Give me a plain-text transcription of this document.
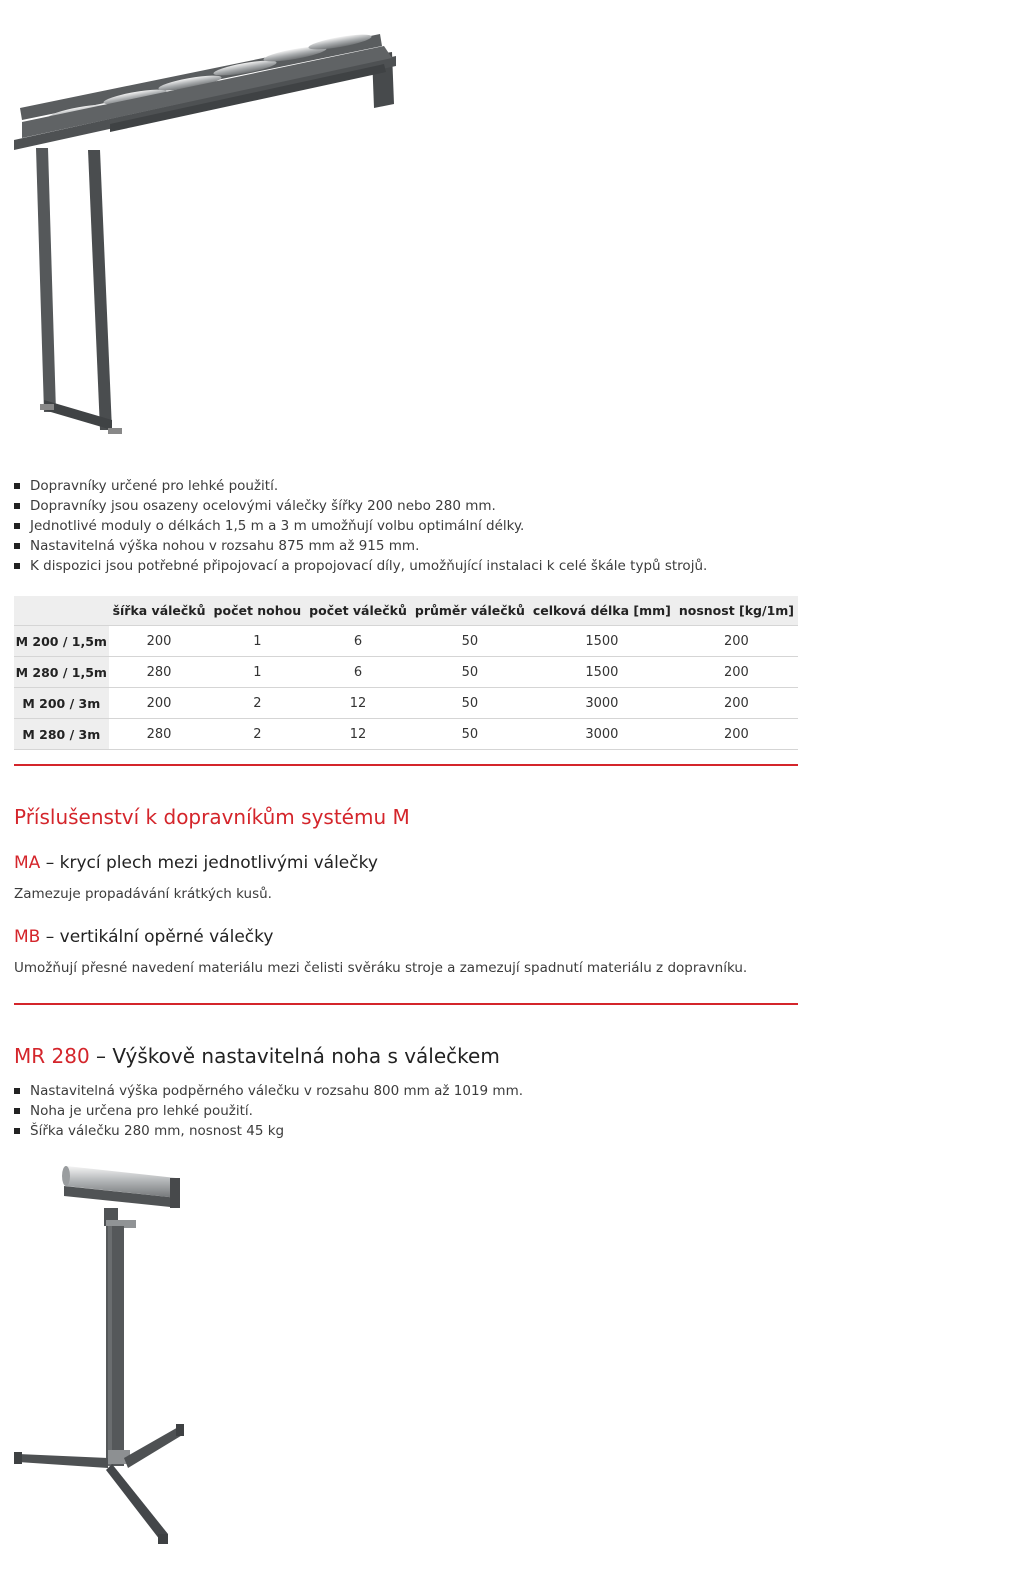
Dopravníky určené pro lehké použití.
Dopravníky jsou osazeny ocelovými válečky šířky 200 nebo 280 mm.
Jednotlivé moduly o délkách 1,5 m a 3 m umožňují volbu optimální délky.
Nastavitelná výška nohou v rozsahu 875 mm až 915 mm.
K dispozici jsou potřebné připojovací a propojovací díly, umožňující instalaci k celé škále typů strojů.
	šířka válečků	počet nohou	počet válečků	průměr válečků	celková délka [mm]	nosnost [kg/1m]
M 200 / 1,5m	200	1	6	50	1500	200
M 280 / 1,5m	280	1	6	50	1500	200
M 200 / 3m	200	2	12	50	3000	200
M 280 / 3m	280	2	12	50	3000	200
Příslušenství k dopravníkům systému M
MA – krycí plech mezi jednotlivými válečky

Zamezuje propadávání krátkých kusů.

MB – vertikální opěrné válečky

Umožňují přesné navedení materiálu mezi čelisti svěráku stroje a zamezují spadnutí materiálu z dopravníku.

MR 280 – Výškově nastavitelná noha s válečkem
Nastavitelná výška podpěrného válečku v rozsahu 800 mm až 1019 mm.
Noha je určena pro lehké použití.
Šířka válečku 280 mm, nosnost 45 kg
